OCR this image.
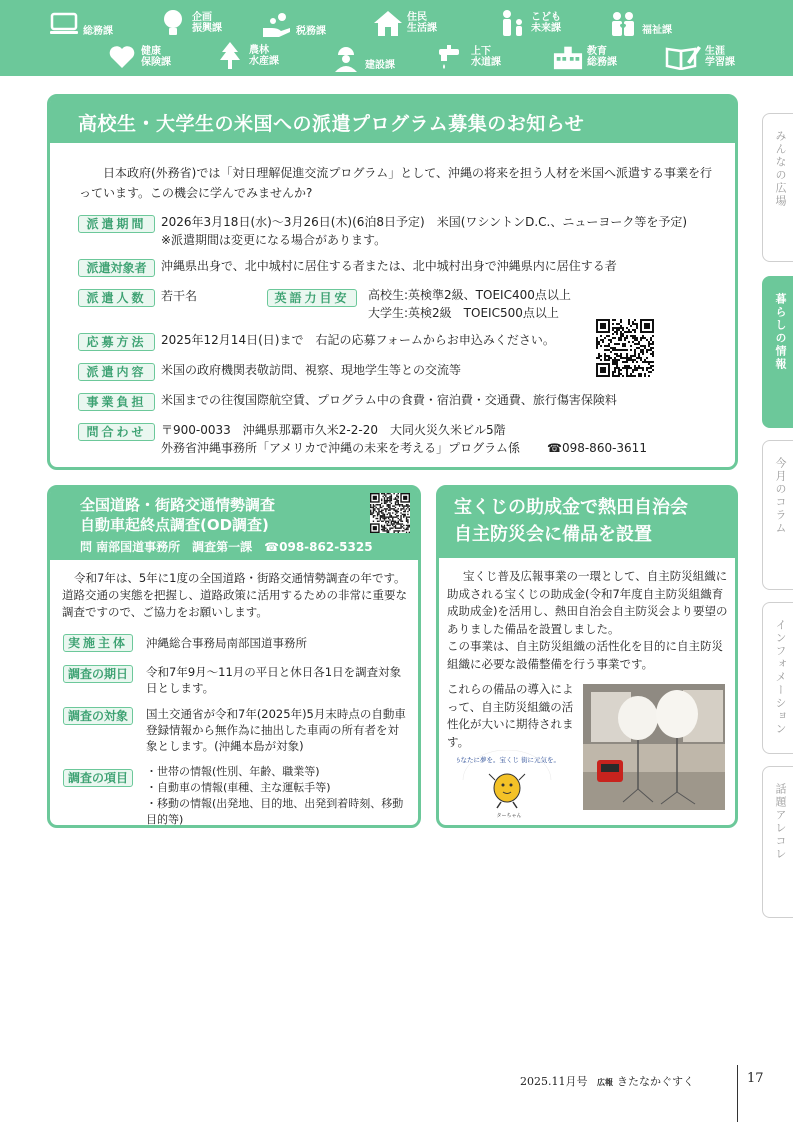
総務課
企画
振興課	税務課
住民
生活課
こども
未来課	福祉課
健康
保険課
農林
水産課	建設課
上下
水道課
教育
総務課
生涯
学習課
みんなの広場
暮らしの情報
今月のコラム
インフォメーション
話題アレコレ
高校生・大学生の米国への派遣プログラム募集のお知らせ

日本政府(外務省)では「対日理解促進交流プログラム」として、沖縄の将来を担う人材を米国へ派遣する事業を行っています。この機会に学んでみませんか?

派遣期間	2026年3月18日(水)〜3月26日(木)(6泊8日予定)　米国(ワシントンD.C.、ニューヨーク等を予定)
※派遣期間は変更になる場合があります。
派遣対象者	沖縄県出身で、北中城村に居住する者または、北中城村出身で沖縄県内に居住する者
派遣人数	若干名	英語力目安	高校生:英検準2級、TOEIC400点以上
大学生:英検2級　TOEIC500点以上
応募方法	2025年12月14日(日)まで　右記の応募フォームからお申込みください。
派遣内容	米国の政府機関表敬訪問、視察、現地学生等との交流等
事業負担	米国までの往復国際航空賃、プログラム中の食費・宿泊費・交通費、旅行傷害保険料
問合わせ	〒900-0033　沖縄県那覇市久米2-2-20　大同火災久米ビル5階
外務省沖縄事務所「アメリカで沖縄の未来を考える」プログラム係 ☎098-860-3611
全国道路・街路交通情勢調査
自動車起終点調査(OD調査)
問 南部国道事務所　調査第一課　☎098-862-5325

令和7年は、5年に1度の全国道路・街路交通情勢調査の年です。道路交通の実態を把握し、道路政策に活用するための非常に重要な調査ですので、ご協力をお願いします。

実施主体	沖縄総合事務局南部国道事務所
調査の期日	令和7年9月〜11月の平日と休日各1日を調査対象日とします。
調査の対象	国土交通省が令和7年(2025年)5月末時点の自動車登録情報から無作為に抽出した車両の所有者を対象とします。(沖縄本島が対象)
調査の項目	・世帯の情報(性別、年齢、職業等)
・自動車の情報(車種、主な運転手等)
・移動の情報(出発地、目的地、出発到着時刻、移動目的等)
宝くじの助成金で熱田自治会
自主防災会に備品を設置

宝くじ普及広報事業の一環として、自主防災組織に助成される宝くじの助成金(令和7年度自主防災組織育成助成金)を活用し、熱田自治会自主防災会より要望のありました備品を設置しました。
この事業は、自主防災組織の活性化を目的に自主防災組織に必要な設備整備を行う事業です。

これらの備品の導入によって、自主防災組織の活性化が大いに期待されます。

あなたに夢を。宝くじ 街に元気を。
ターちゃん
2025.11月号 広報 きたなかぐすく	17
